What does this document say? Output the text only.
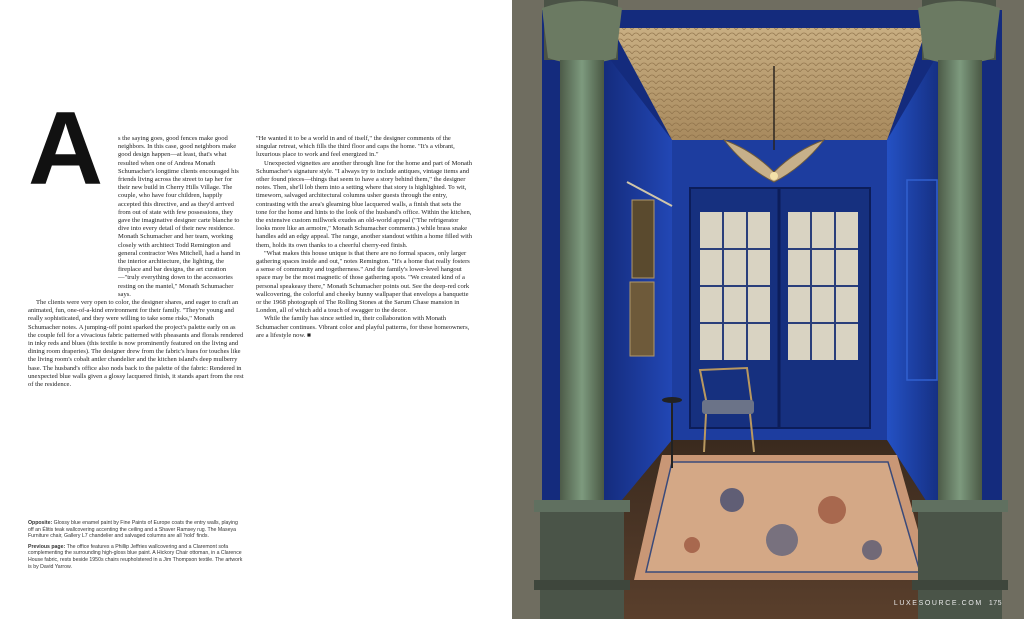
A	s the saying goes, good fences make good neighbors. In this case, good neighbors make good design happen—at least, that's what resulted when one of Andrea Monath Schumacher's longtime clients encouraged his friends living across the street to tap her for their new build in Cherry Hills Village. The couple, who have four children, happily accepted this directive, and as they'd arrived from out of state with few possessions, they gave the imaginative designer carte blanche to dive into every detail of their new residence. Monath Schumacher and her team, working closely with architect Todd Remington and general contractor Wes Mitchell, had a hand in the interior architecture, the lighting, the fireplace and bar designs, the art curation—"truly everything down to the accessories resting on the mantel," Monath Schumacher says.

The clients were very open to color, the designer shares, and eager to craft an animated, fun, one-of-a-kind environment for their family. "They're young and really sophisticated, and they were willing to take some risks," Monath Schumacher notes. A jumping-off point sparked the project's palette early on as the couple fell for a vivacious fabric patterned with pheasants and florals rendered in inky reds and blues (this textile is now prominently featured on the living and dining room draperies). The designer drew from the fabric's hues for touches like the living room's cobalt antler chandelier and the kitchen island's deep mulberry base. The husband's office also nods back to the palette of the fabric: Rendered in unexpected blue walls given a glossy lacquered finish, it stands apart from the rest of the residence.

"He wanted it to be a world in and of itself," the designer comments of the singular retreat, which fills the third floor and caps the home. "It's a vibrant, luxurious place to work and feel energized in."

Unexpected vignettes are another through line for the home and part of Monath Schumacher's signature style. "I always try to include antiques, vintage items and other found pieces—things that seem to have a story behind them," the designer notes. Then, she'll lob them into a setting where that story is highlighted. To wit, timeworn, salvaged architectural columns usher guests through the entry, contrasting with the area's gleaming blue lacquered walls, a finish that sets the tone for the home and hints to the look of the husband's office. Within the kitchen, the extensive custom millwork exudes an old-world appeal ("The refrigerator looks more like an armoire," Monath Schumacher comments.) while brass snake handles add an edgy appeal. The range, another standout within a home filled with them, holds its own thanks to a cheerful cherry-red finish.

"What makes this house unique is that there are no formal spaces, only larger gathering spaces inside and out," notes Remington. "It's a home that really fosters a sense of community and togetherness." And the family's lower-level hangout space may be the most magnetic of those gathering spots. "We created kind of a personal speakeasy there," Monath Schumacher points out. See the deep-red cork wallcovering, the colorful and cheeky bunny wallpaper that envelops a banquette or the 1968 photograph of The Rolling Stones at the Sarum Chase mansion in London, all of which add a touch of swagger to the decor.

While the family has since settled in, their collaboration with Monath Schumacher continues. Vibrant color and playful patterns, for these homeowners, are a lifestyle now. ■

Opposite: Glossy blue enamel paint by Fine Paints of Europe coats the entry walls, playing off an Élitis teak wallcovering accenting the ceiling and a Shaver Ramsey rug. The Maseya Furniture chair, Gallery L7 chandelier and salvaged columns are all ‘hold’ finds.

Previous page: The office features a Phillip Jeffries wallcovering and a Claremont sofa complementing the surrounding high-gloss blue paint. A Hickory Chair ottoman, in a Clarence House fabric, rests beside 1950s chairs reupholstered in a Jim Thompson textile. The artwork is by David Yarrow.

LUXESOURCE.COM 175
